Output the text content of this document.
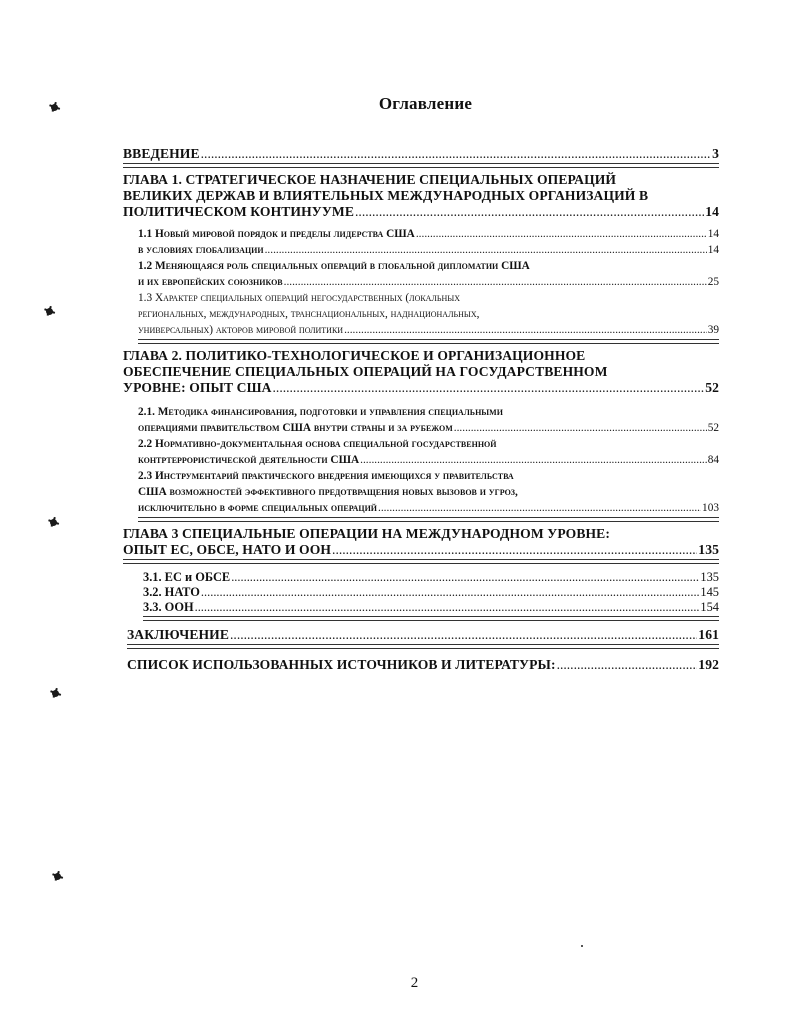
Оглавление
ВВЕДЕНИЕ .....	3
ГЛАВА 1. СТРАТЕГИЧЕСКОЕ НАЗНАЧЕНИЕ СПЕЦИАЛЬНЫХ ОПЕРАЦИЙ
ВЕЛИКИХ ДЕРЖАВ И ВЛИЯТЕЛЬНЫХ МЕЖДУНАРОДНЫХ ОРГАНИЗАЦИЙ В
ПОЛИТИЧЕСКОМ КОНТИНУУМЕ .....	14
1.1 Новый мировой порядок и пределы лидерства США .....	14
в условиях глобализации .....	14
1.2 Меняющаяся роль специальных операций в глобальной дипломатии США
и их европейских союзников .....	25
1.3 Характер специальных операций негосударственных (локальных
региональных, международных, транснациональных, наднациональных,
универсальных) акторов мировой политики .....	39
ГЛАВА 2. ПОЛИТИКО-ТЕХНОЛОГИЧЕСКОЕ И ОРГАНИЗАЦИОННОЕ
ОБЕСПЕЧЕНИЕ СПЕЦИАЛЬНЫХ ОПЕРАЦИЙ НА ГОСУДАРСТВЕННОМ
УРОВНЕ: ОПЫТ США .....	52
2.1. Методика финансирования, подготовки и управления специальными
операциями правительством США внутри страны и за рубежом .....	52
2.2 Нормативно-документальная основа специальной государственной
контртеррористической деятельности США .....	84
2.3 Инструментарий практического внедрения имеющихся у правительства
США возможностей эффективного предотвращения новых вызовов и угроз,
исключительно в форме специальных операций .....	103
ГЛАВА 3 СПЕЦИАЛЬНЫЕ ОПЕРАЦИИ НА МЕЖДУНАРОДНОМ УРОВНЕ:
ОПЫТ ЕС, ОБСЕ, НАТО И ООН .....	135
3.1. ЕС и ОБСЕ .....	135
3.2. НАТО .....	145
3.3. ООН .....	154
ЗАКЛЮЧЕНИЕ .....	161
СПИСОК ИСПОЛЬЗОВАННЫХ ИСТОЧНИКОВ И ЛИТЕРАТУРЫ: .....	192
2
